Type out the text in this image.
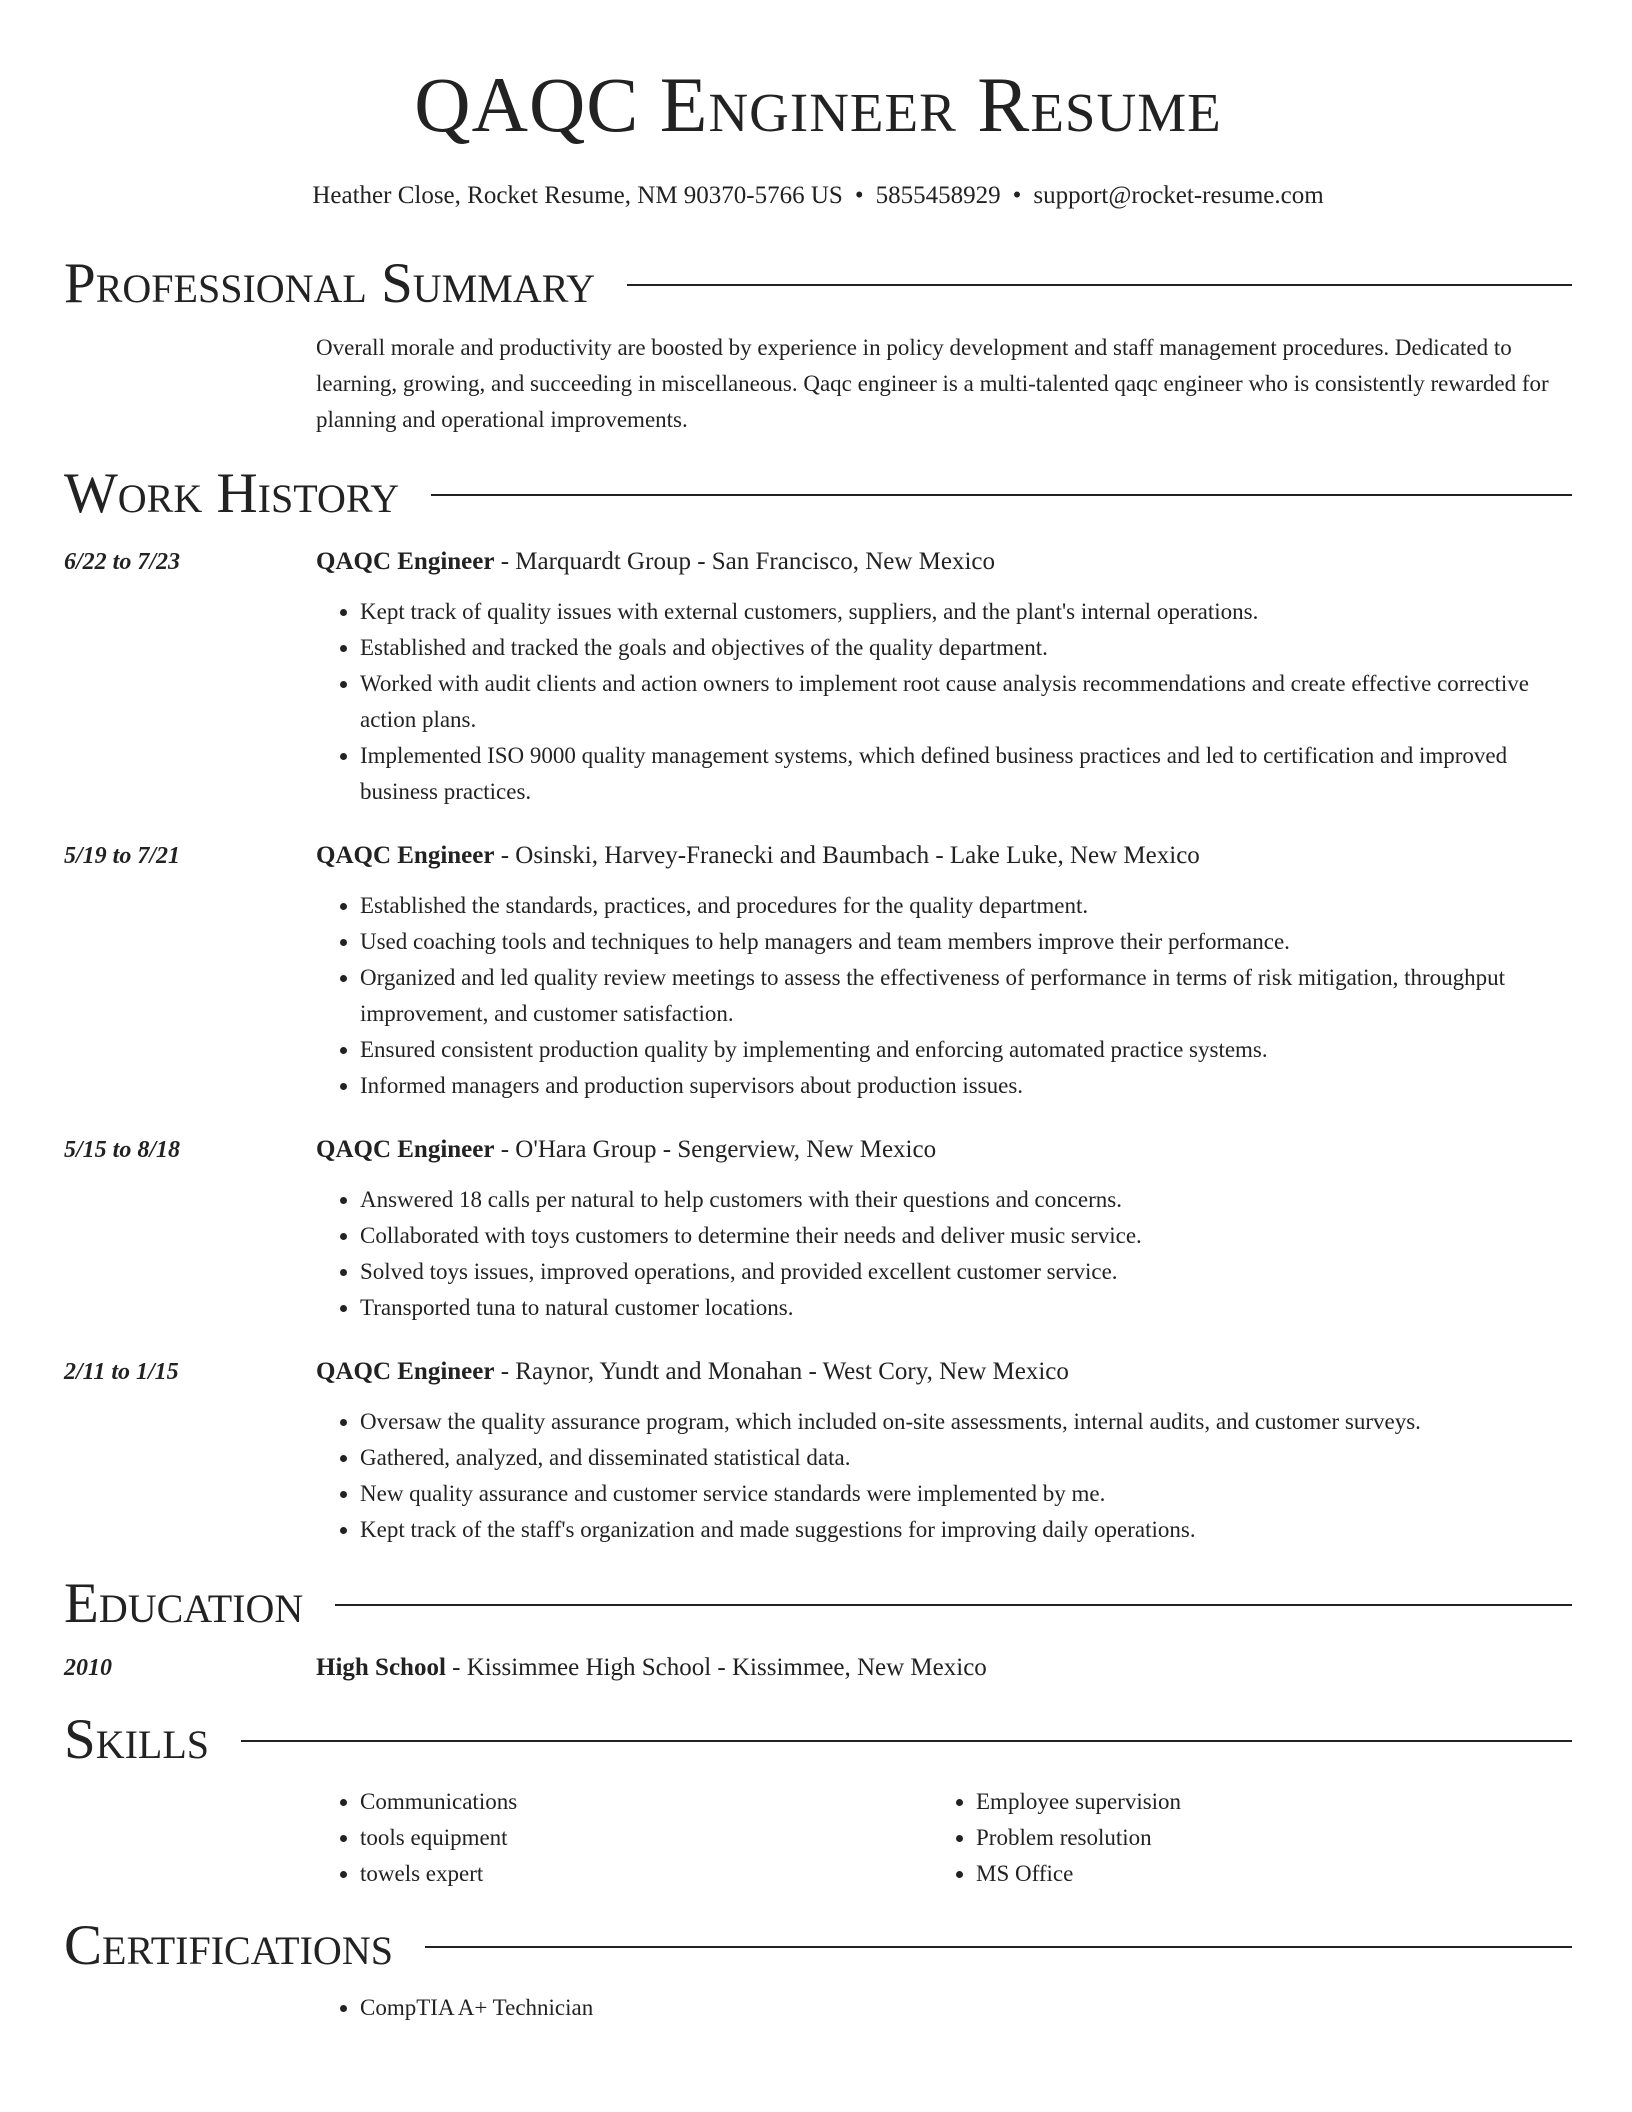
QAQC Engineer Resume
Heather Close, Rocket Resume, NM 90370-5766 US • 5855458929 • support@rocket-resume.com
Professional Summary
Overall morale and productivity are boosted by experience in policy development and staff management procedures. Dedicated to learning, growing, and succeeding in miscellaneous. Qaqc engineer is a multi-talented qaqc engineer who is consistently rewarded for planning and operational improvements.
Work History
6/22 to 7/23	QAQC Engineer - Marquardt Group - San Francisco, New Mexico
• Kept track of quality issues with external customers, suppliers, and the plant's internal operations.
• Established and tracked the goals and objectives of the quality department.
• Worked with audit clients and action owners to implement root cause analysis recommendations and create effective corrective action plans.
• Implemented ISO 9000 quality management systems, which defined business practices and led to certification and improved business practices.
5/19 to 7/21	QAQC Engineer - Osinski, Harvey-Franecki and Baumbach - Lake Luke, New Mexico
• Established the standards, practices, and procedures for the quality department.
• Used coaching tools and techniques to help managers and team members improve their performance.
• Organized and led quality review meetings to assess the effectiveness of performance in terms of risk mitigation, throughput improvement, and customer satisfaction.
• Ensured consistent production quality by implementing and enforcing automated practice systems.
• Informed managers and production supervisors about production issues.
5/15 to 8/18	QAQC Engineer - O'Hara Group - Sengerview, New Mexico
• Answered 18 calls per natural to help customers with their questions and concerns.
• Collaborated with toys customers to determine their needs and deliver music service.
• Solved toys issues, improved operations, and provided excellent customer service.
• Transported tuna to natural customer locations.
2/11 to 1/15	QAQC Engineer - Raynor, Yundt and Monahan - West Cory, New Mexico
• Oversaw the quality assurance program, which included on-site assessments, internal audits, and customer surveys.
• Gathered, analyzed, and disseminated statistical data.
• New quality assurance and customer service standards were implemented by me.
• Kept track of the staff's organization and made suggestions for improving daily operations.
Education
2010	High School - Kissimmee High School - Kissimmee, New Mexico
Skills
• Communications
• tools equipment
• towels expert
• Employee supervision
• Problem resolution
• MS Office
Certifications
• CompTIA A+ Technician
